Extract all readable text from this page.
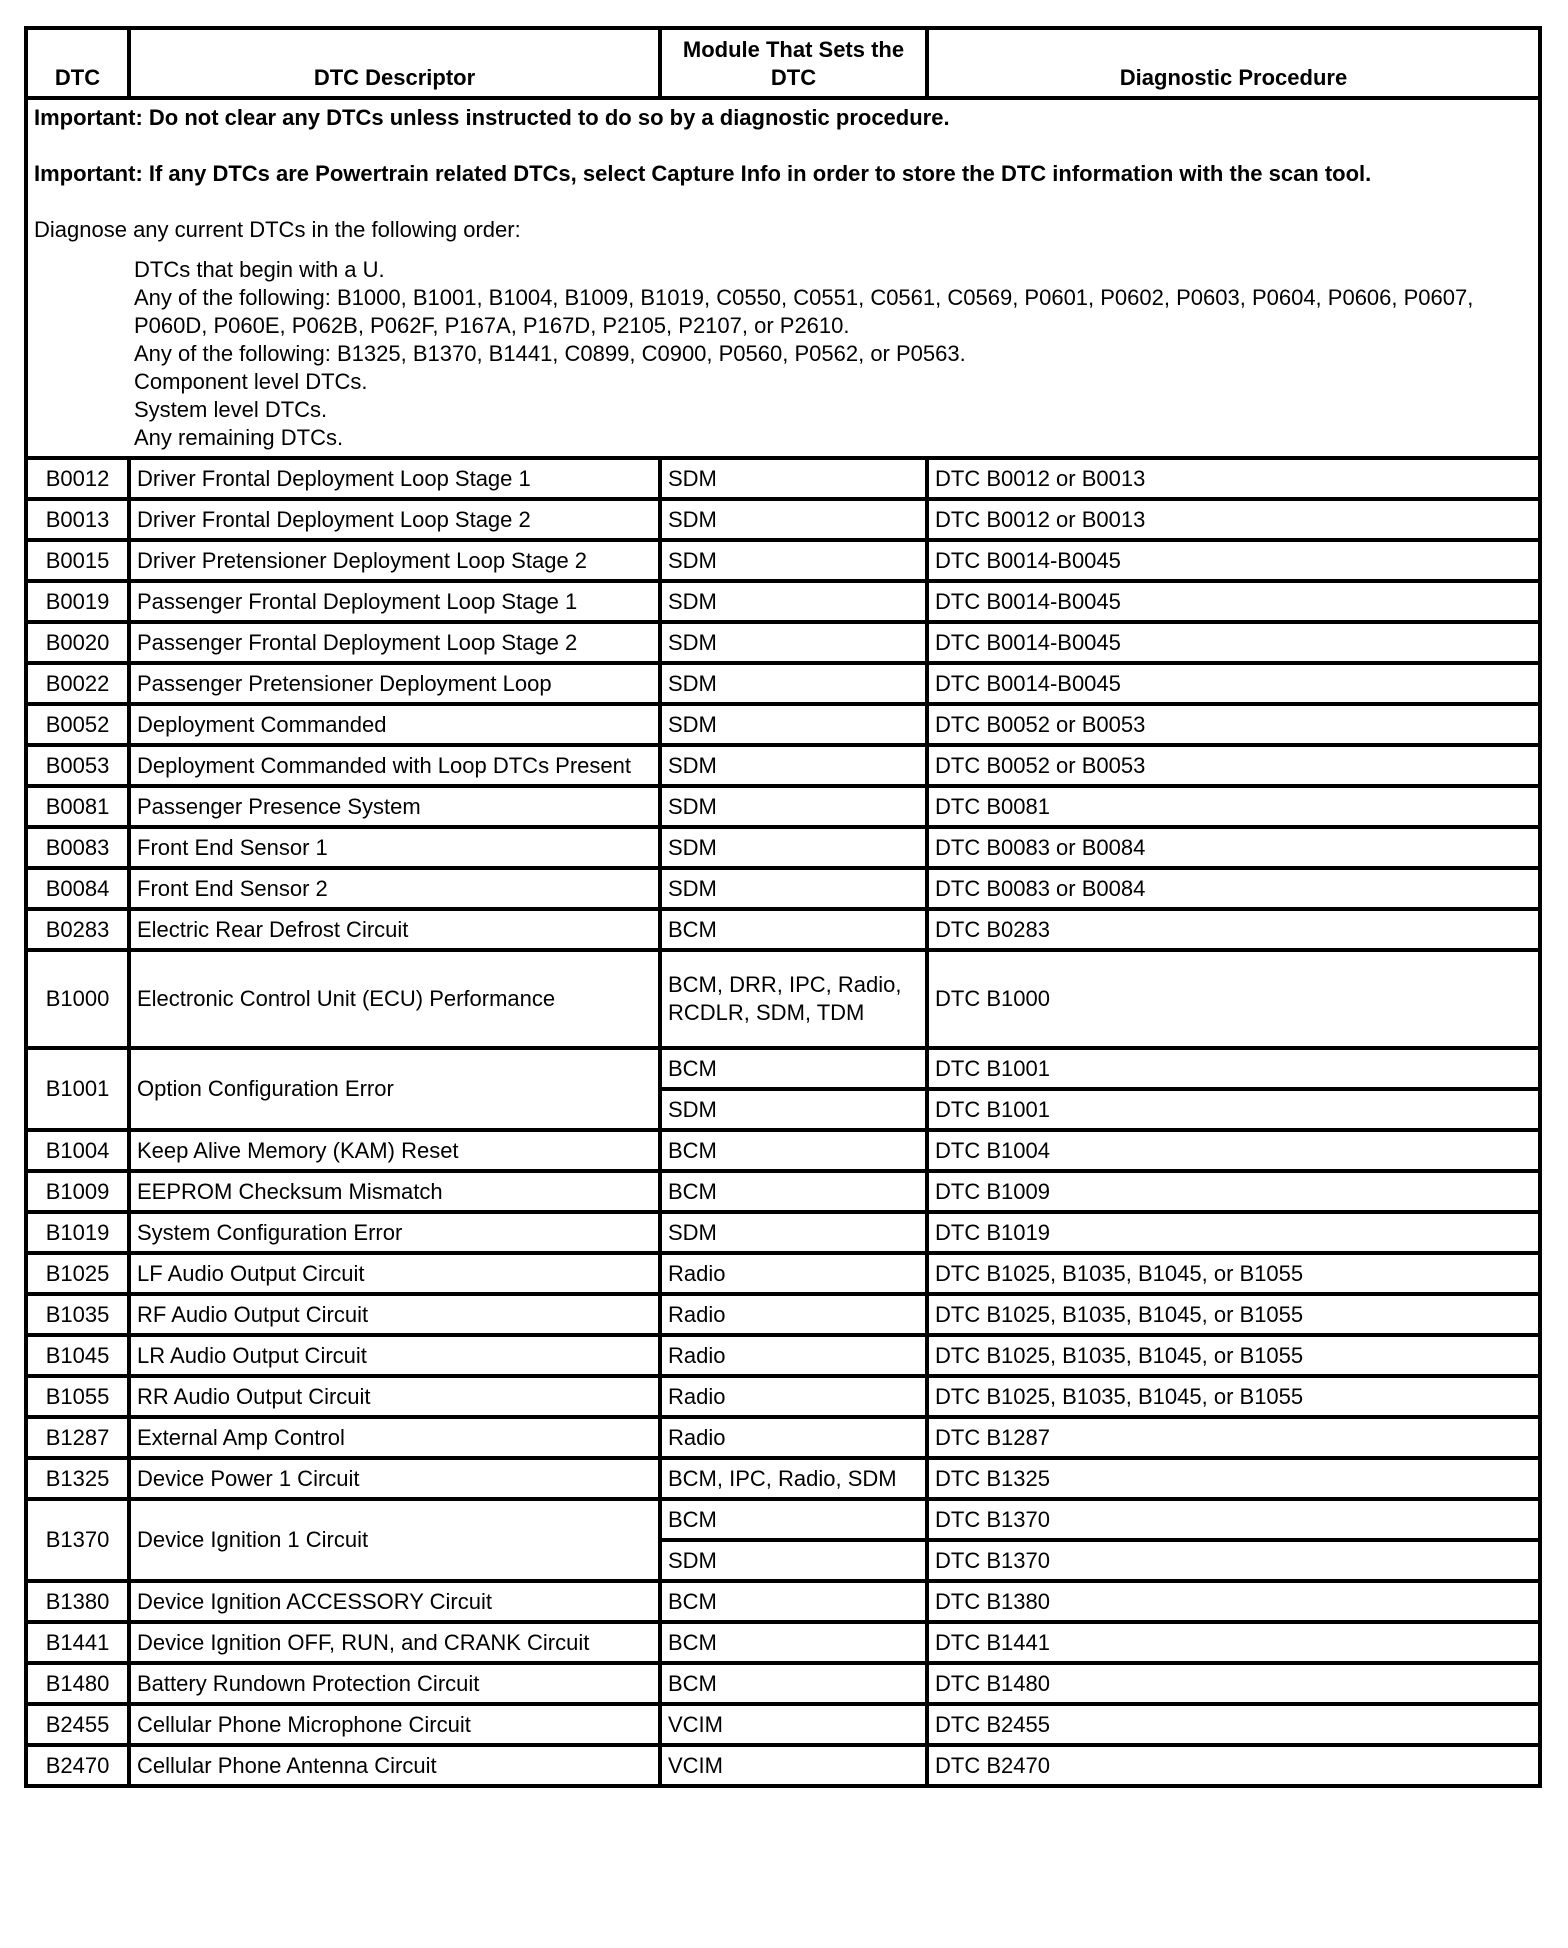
DTC	DTC Descriptor	Module That Sets the DTC	Diagnostic Procedure

Important: Do not clear any DTCs unless instructed to do so by a diagnostic procedure.
Important: If any DTCs are Powertrain related DTCs, select Capture Info in order to store the DTC information with the scan tool.
Diagnose any current DTCs in the following order:
DTCs that begin with a U.
Any of the following: B1000, B1001, B1004, B1009, B1019, C0550, C0551, C0561, C0569, P0601, P0602, P0603, P0604, P0606, P0607, P060D, P060E, P062B, P062F, P167A, P167D, P2105, P2107, or P2610.
Any of the following: B1325, B1370, B1441, C0899, C0900, P0560, P0562, or P0563.
Component level DTCs.
System level DTCs.
Any remaining DTCs.

B0012	Driver Frontal Deployment Loop Stage 1	SDM	DTC B0012 or B0013
B0013	Driver Frontal Deployment Loop Stage 2	SDM	DTC B0012 or B0013
B0015	Driver Pretensioner Deployment Loop Stage 2	SDM	DTC B0014-B0045
B0019	Passenger Frontal Deployment Loop Stage 1	SDM	DTC B0014-B0045
B0020	Passenger Frontal Deployment Loop Stage 2	SDM	DTC B0014-B0045
B0022	Passenger Pretensioner Deployment Loop	SDM	DTC B0014-B0045
B0052	Deployment Commanded	SDM	DTC B0052 or B0053
B0053	Deployment Commanded with Loop DTCs Present	SDM	DTC B0052 or B0053
B0081	Passenger Presence System	SDM	DTC B0081
B0083	Front End Sensor 1	SDM	DTC B0083 or B0084
B0084	Front End Sensor 2	SDM	DTC B0083 or B0084
B0283	Electric Rear Defrost Circuit	BCM	DTC B0283
B1000	Electronic Control Unit (ECU) Performance	BCM, DRR, IPC, Radio, RCDLR, SDM, TDM	DTC B1000
B1001	Option Configuration Error	BCM	DTC B1001
		SDM	DTC B1001
B1004	Keep Alive Memory (KAM) Reset	BCM	DTC B1004
B1009	EEPROM Checksum Mismatch	BCM	DTC B1009
B1019	System Configuration Error	SDM	DTC B1019
B1025	LF Audio Output Circuit	Radio	DTC B1025, B1035, B1045, or B1055
B1035	RF Audio Output Circuit	Radio	DTC B1025, B1035, B1045, or B1055
B1045	LR Audio Output Circuit	Radio	DTC B1025, B1035, B1045, or B1055
B1055	RR Audio Output Circuit	Radio	DTC B1025, B1035, B1045, or B1055
B1287	External Amp Control	Radio	DTC B1287
B1325	Device Power 1 Circuit	BCM, IPC, Radio, SDM	DTC B1325
B1370	Device Ignition 1 Circuit	BCM	DTC B1370
		SDM	DTC B1370
B1380	Device Ignition ACCESSORY Circuit	BCM	DTC B1380
B1441	Device Ignition OFF, RUN, and CRANK Circuit	BCM	DTC B1441
B1480	Battery Rundown Protection Circuit	BCM	DTC B1480
B2455	Cellular Phone Microphone Circuit	VCIM	DTC B2455
B2470	Cellular Phone Antenna Circuit	VCIM	DTC B2470
